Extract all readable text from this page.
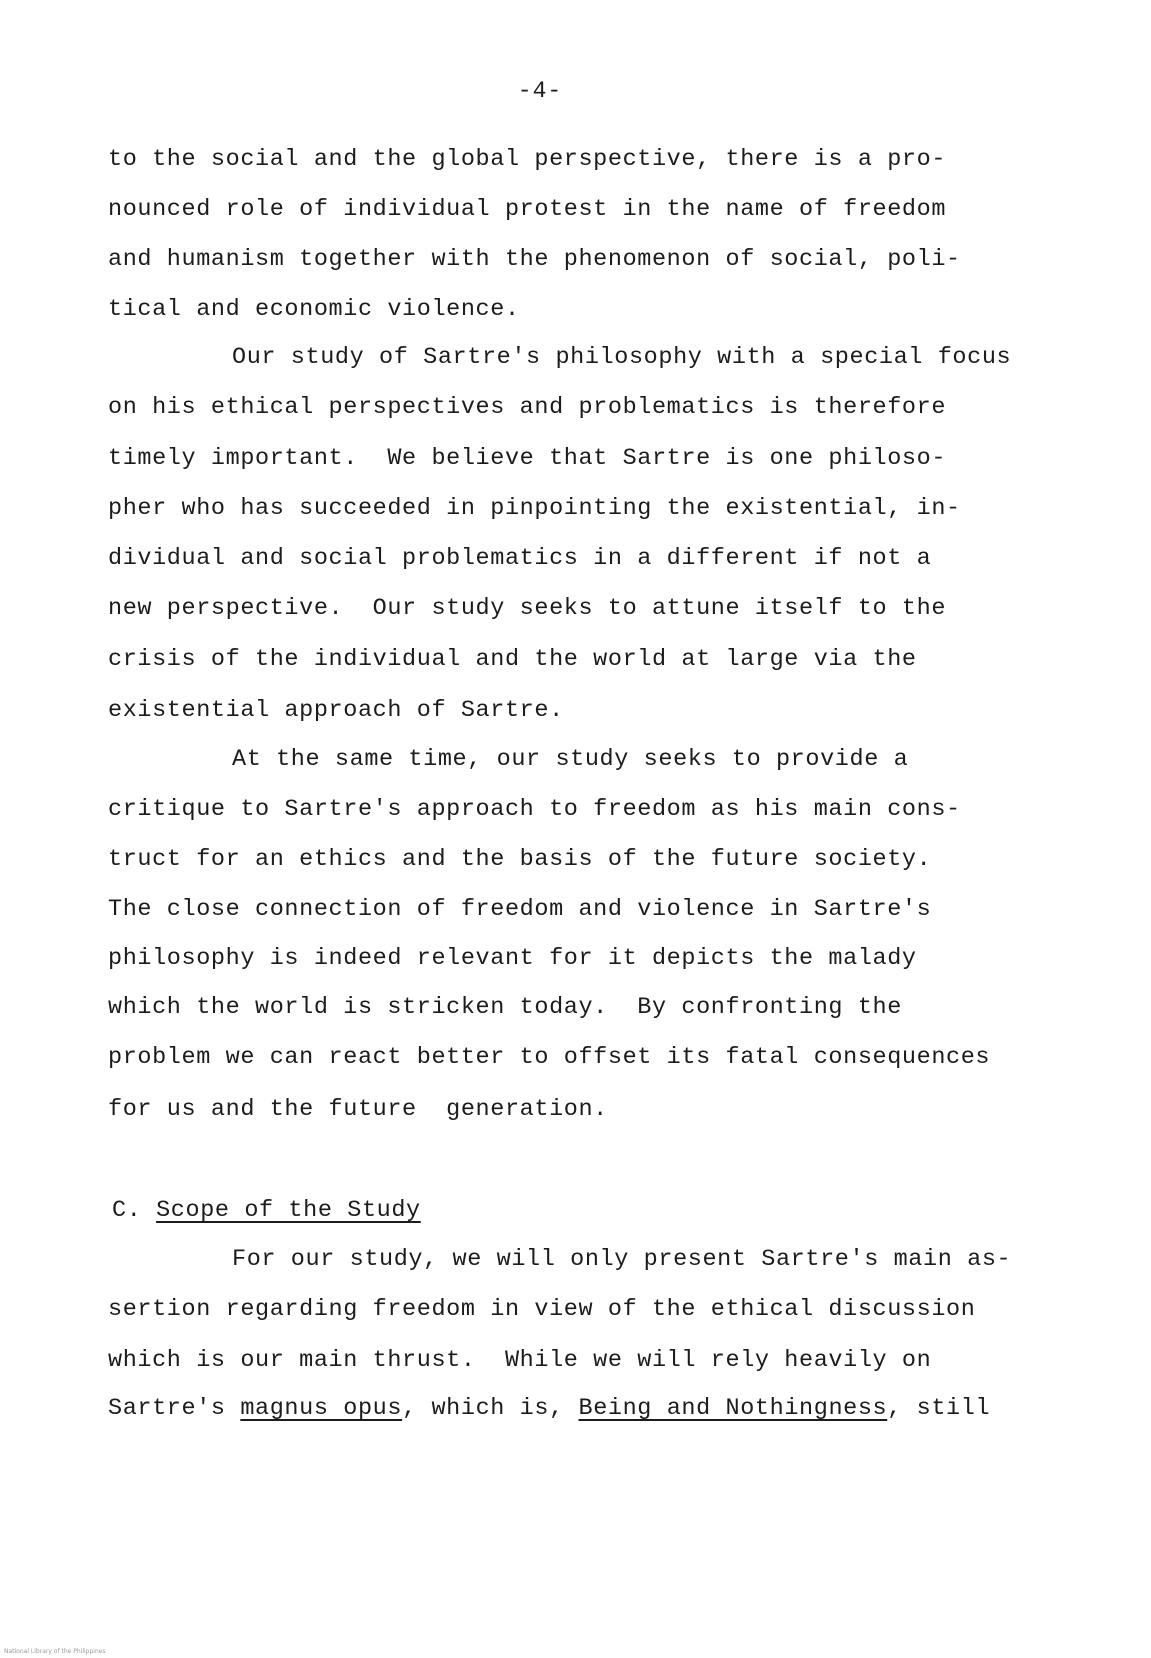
-4-
to the social and the global perspective, there is a pro-
nounced role of individual protest in the name of freedom
and humanism together with the phenomenon of social, poli-
tical and economic violence.
Our study of Sartre's philosophy with a special focus
on his ethical perspectives and problematics is therefore
timely important.  We believe that Sartre is one philoso-
pher who has succeeded in pinpointing the existential, in-
dividual and social problematics in a different if not a
new perspective.  Our study seeks to attune itself to the
crisis of the individual and the world at large via the
existential approach of Sartre.
At the same time, our study seeks to provide a
critique to Sartre's approach to freedom as his main cons-
truct for an ethics and the basis of the future society.
The close connection of freedom and violence in Sartre's
philosophy is indeed relevant for it depicts the malady
which the world is stricken today.  By confronting the
problem we can react better to offset its fatal consequences
for us and the future  generation.
C. Scope of the Study
For our study, we will only present Sartre's main as-
sertion regarding freedom in view of the ethical discussion
which is our main thrust.  While we will rely heavily on
Sartre's magnus opus, which is, Being and Nothingness, still
National Library of the Philippines
